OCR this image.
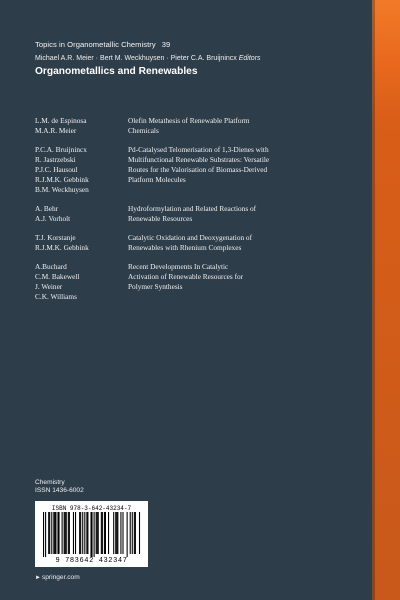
Topics in Organometallic Chemistry 39
Michael A.R. Meier · Bert M. Weckhuysen · Pieter C.A. Bruijnincx Editors
Organometallics and Renewables
L.M. de Espinosa
M.A.R. Meier
Olefin Metathesis of Renewable Platform
Chemicals
P.C.A. Bruijnincx
R. Jastrzebski
P.J.C. Hausoul
R.J.M.K. Gebbink
B.M. Weckhuysen
Pd-Catalysed Telomerisation of 1,3-Dienes with
Multifunctional Renewable Substrates: Versatile
Routes for the Valorisation of Biomass-Derived
Platform Molecules
A. Behr
A.J. Vorholt
Hydroformylation and Related Reactions of
Renewable Resources
T.J. Korstanje
R.J.M.K. Gebbink
Catalytic Oxidation and Deoxygenation of
Renewables with Rhenium Complexes
A.Buchard
C.M. Bakewell
J. Weiner
C.K. Williams
Recent Developments In Catalytic
Activation of Renewable Resources for
Polymer Synthesis
Chemistry
ISSN 1436-6002
ISBN 978-3-642-43234-7
9 783642 432347
►springer.com
